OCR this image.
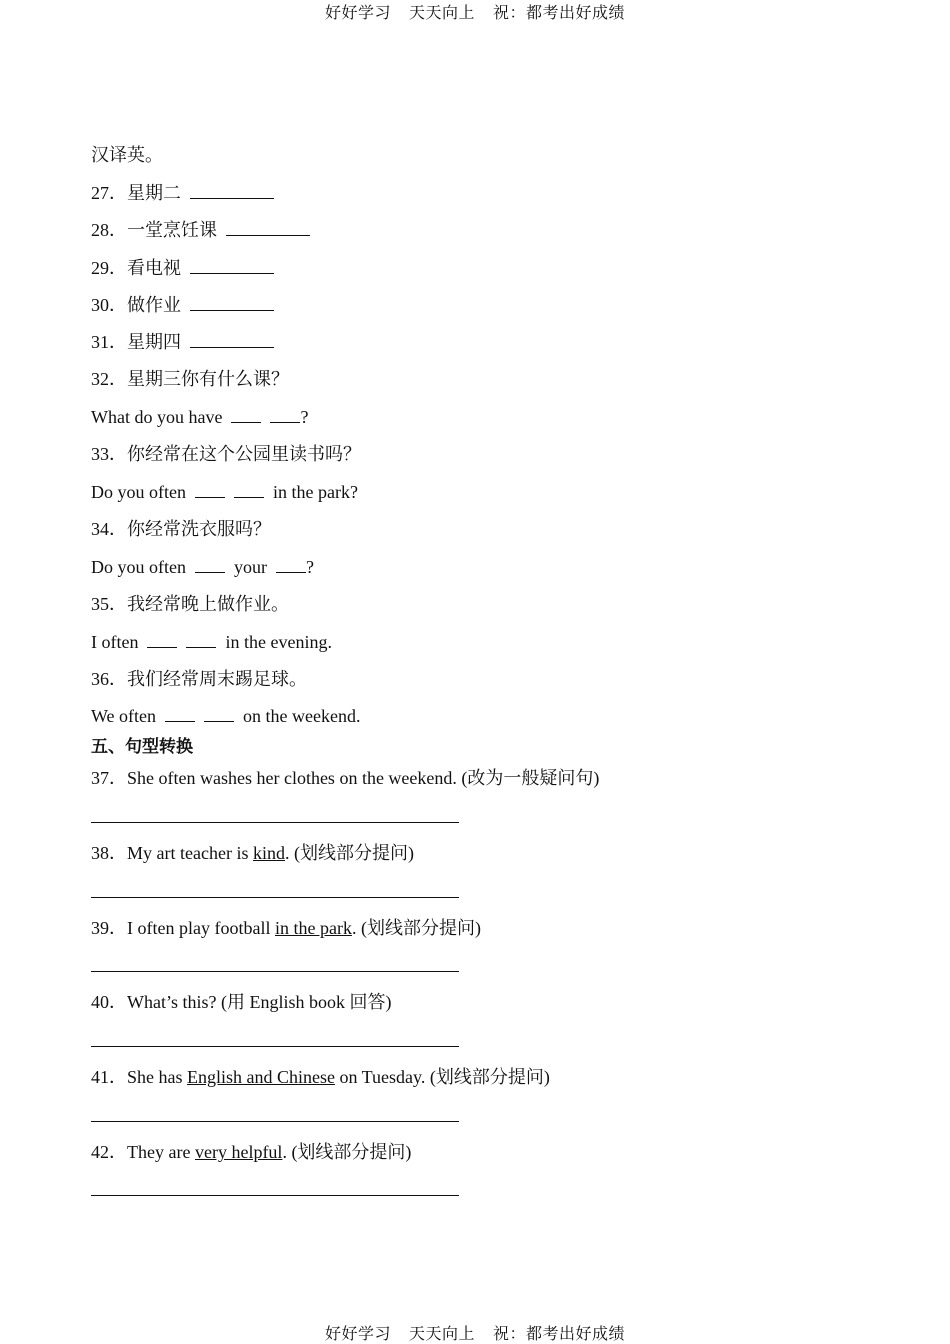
好好学习    天天向上    祝：都考出好成绩
汉译英。
27．星期二
28．一堂烹饪课
29．看电视
30．做作业
31．星期四
32．星期三你有什么课？
What do you have	?
33．你经常在这个公园里读书吗？
Do you often	in the park?
34．你经常洗衣服吗？
Do you often	your ?
35．我经常晚上做作业。
I often	in the evening.
36．我们经常周末踢足球。
We often	on the weekend.
五、句型转换
37．She often washes her clothes on the weekend. (改为一般疑问句)
38．My art teacher is kind. (划线部分提问)
39．I often play football in the park. (划线部分提问)
40．What’s this? (用 English book 回答)
41．She has English and Chinese on Tuesday. (划线部分提问)
42．They are very helpful. (划线部分提问)
好好学习    天天向上    祝：都考出好成绩
